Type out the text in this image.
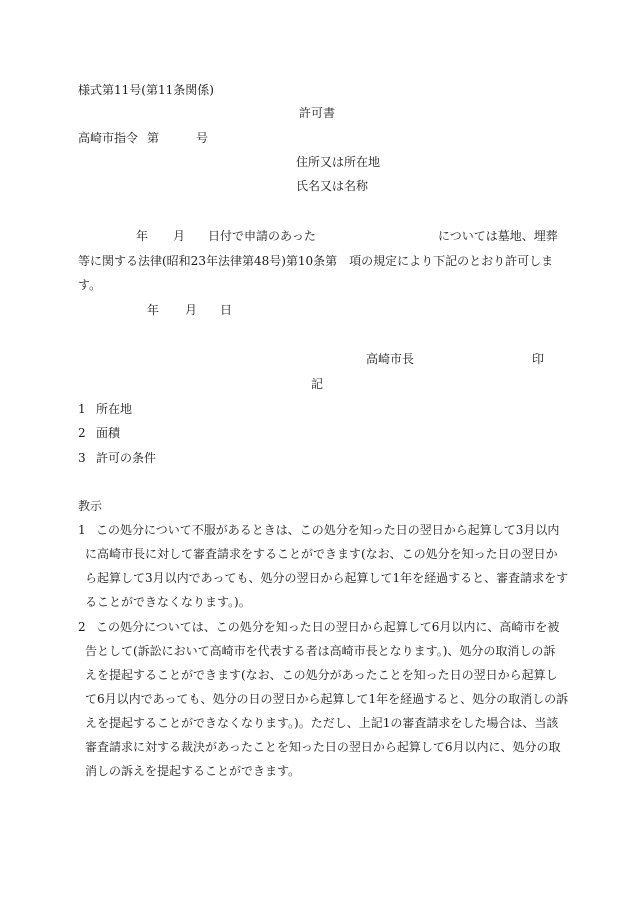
様式第11号(第11条関係)
許可書
高崎市指令 第	号
住所又は所在地
氏名又は名称
年 月 日付で申請のあった	については墓地、埋葬
等に関する法律(昭和23年法律第48号)第10条第　項の規定により下記のとおり許可しま
す。
年 月 日
高崎市長	印
記
1 所在地
2 面積
3 許可の条件
教示
1 この処分について不服があるときは、この処分を知った日の翌日から起算して3月以内
に高崎市長に対して審査請求をすることができます(なお、この処分を知った日の翌日か
ら起算して3月以内であっても、処分の翌日から起算して1年を経過すると、審査請求をす
ることができなくなります。)。
2 この処分については、この処分を知った日の翌日から起算して6月以内に、高崎市を被
告として(訴訟において高崎市を代表する者は高崎市長となります。)、処分の取消しの訴
えを提起することができます(なお、この処分があったことを知った日の翌日から起算し
て6月以内であっても、処分の日の翌日から起算して1年を経過すると、処分の取消しの訴
えを提起することができなくなります。)。ただし、上記1の審査請求をした場合は、当該
審査請求に対する裁決があったことを知った日の翌日から起算して6月以内に、処分の取
消しの訴えを提起することができます。
